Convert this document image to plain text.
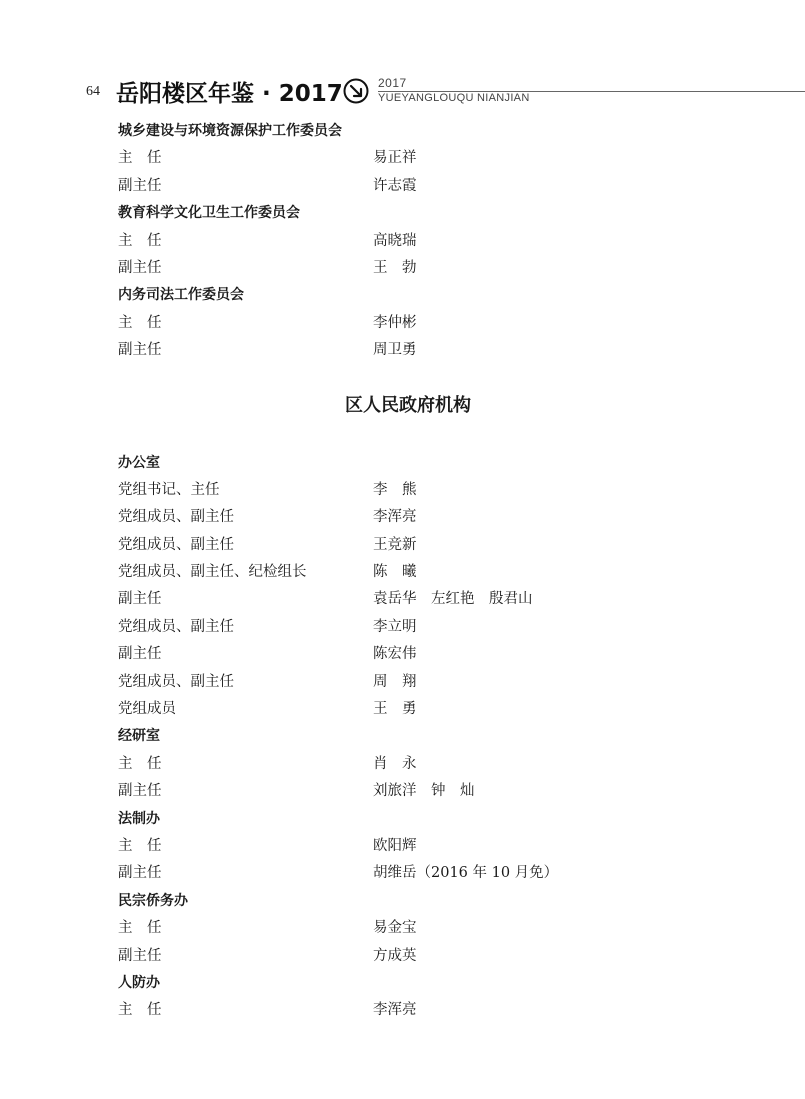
64 岳阳楼区年鉴 · 2017	2017
YUEYANGLOUQU NIANJIAN
城乡建设与环境资源保护工作委员会
主　任	易正祥
副主任	许志霞
教育科学文化卫生工作委员会
主　任	高晓瑞
副主任	王　勃
内务司法工作委员会
主　任	李仲彬
副主任	周卫勇
区人民政府机构
办公室
党组书记、主任	李　熊
党组成员、副主任	李浑亮
党组成员、副主任	王竞新
党组成员、副主任、纪检组长	陈　曦
副主任	袁岳华　左红艳　殷君山
党组成员、副主任	李立明
副主任	陈宏伟
党组成员、副主任	周　翔
党组成员	王　勇
经研室
主　任	肖　永
副主任	刘旅洋　钟　灿
法制办
主　任	欧阳辉
副主任	胡维岳（2016 年 10 月免）
民宗侨务办
主　任	易金宝
副主任	方成英
人防办
主　任	李浑亮
